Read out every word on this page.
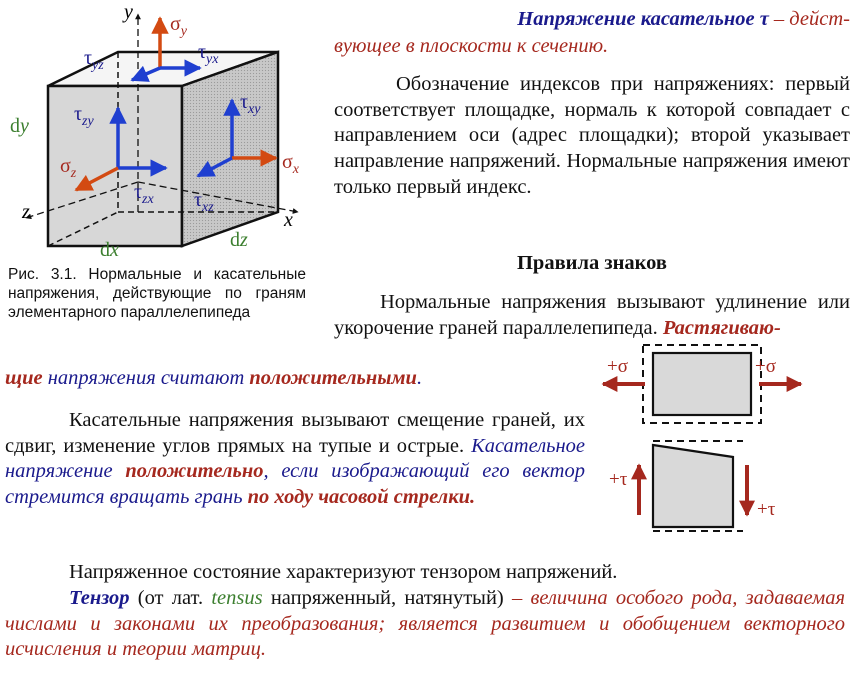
y
z	x
$\sigma_y$
$\tau_{yx}$
$\tau_{yz}$
$\tau_{xy}$
$\tau_{zy}$
$\sigma_z$
$\sigma_x$
$\tau_{zx}$ $\tau_{xz}$
dy
dx	dz
Рис. 3.1. Нормальные и касательные напряжения, действующие по граням элементарного параллелепипеда
Напряжение касательное τ – дейст-
вующее в плоскости к сечению.

Обозначение индексов при напряжениях: первый соответствует площадке, нормаль к которой совпадает с направлением оси (адрес площадки); второй указывает направление напряжений. Нормальные напряжения имеют только первый индекс.

Правила знаков

Нормальные напряжения вызывают удлинение или укорочение граней параллелепипеда. Растягиваю-

щие напряжения считают положительными.

Касательные напряжения вызывают смещение граней, их сдвиг, изменение углов прямых на тупые и острые. Касательное напряжение положительно, если изображающий его вектор стремится вращать грань по ходу часовой стрелки.

+σ	+σ
+τ
+τ

Напряженное состояние характеризуют тензором напряжений.

Тензор (от лат. tensus напряженный, натянутый) – величина особого рода, задаваемая числами и законами их преобразования; является развитием и обобщением векторного исчисления и теории матриц.
